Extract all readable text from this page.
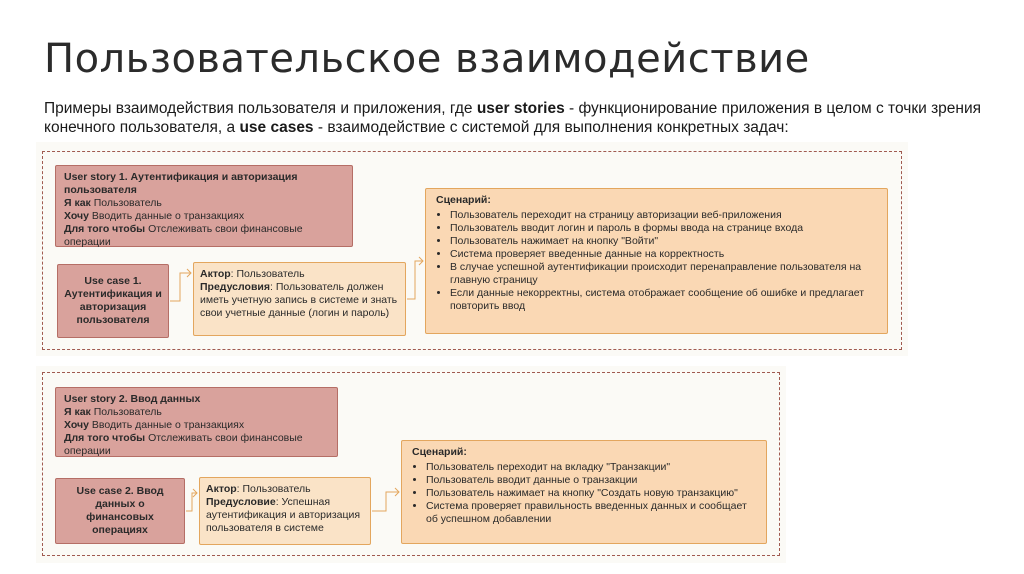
Пользовательское взаимодействие
Примеры взаимодействия пользователя и приложения, где user stories - функционирование приложения в целом с точки зрения конечного пользователя, а use cases - взаимодействие с системой для выполнения конкретных задач:
User story 1. Аутентификация и авторизация пользователя
Я как Пользователь
Хочу Вводить данные о транзакциях
Для того чтобы Отслеживать свои финансовые операции
Use case 1. Аутентификация и авторизация пользователя
Актор: Пользователь
Предусловия: Пользователь должен иметь учетную запись в системе и знать свои учетные данные (логин и пароль)
Сценарий:
• Пользователь переходит на страницу авторизации веб-приложения
• Пользователь вводит логин и пароль в формы ввода на странице входа
• Пользователь нажимает на кнопку "Войти"
• Система проверяет введенные данные на корректность
• В случае успешной аутентификации происходит перенаправление пользователя на главную страницу
• Если данные некорректны, система отображает сообщение об ошибке и предлагает повторить ввод
User story 2. Ввод данных
Я как Пользователь
Хочу Вводить данные о транзакциях
Для того чтобы Отслеживать свои финансовые операции
Use case 2. Ввод данных о финансовых операциях
Актор: Пользователь
Предусловие: Успешная аутентификация и авторизация пользователя в системе
Сценарий:
• Пользователь переходит на вкладку "Транзакции"
• Пользователь вводит данные о транзакции
• Пользователь нажимает на кнопку "Создать новую транзакцию"
• Система проверяет правильность введенных данных и сообщает об успешном добавлении
